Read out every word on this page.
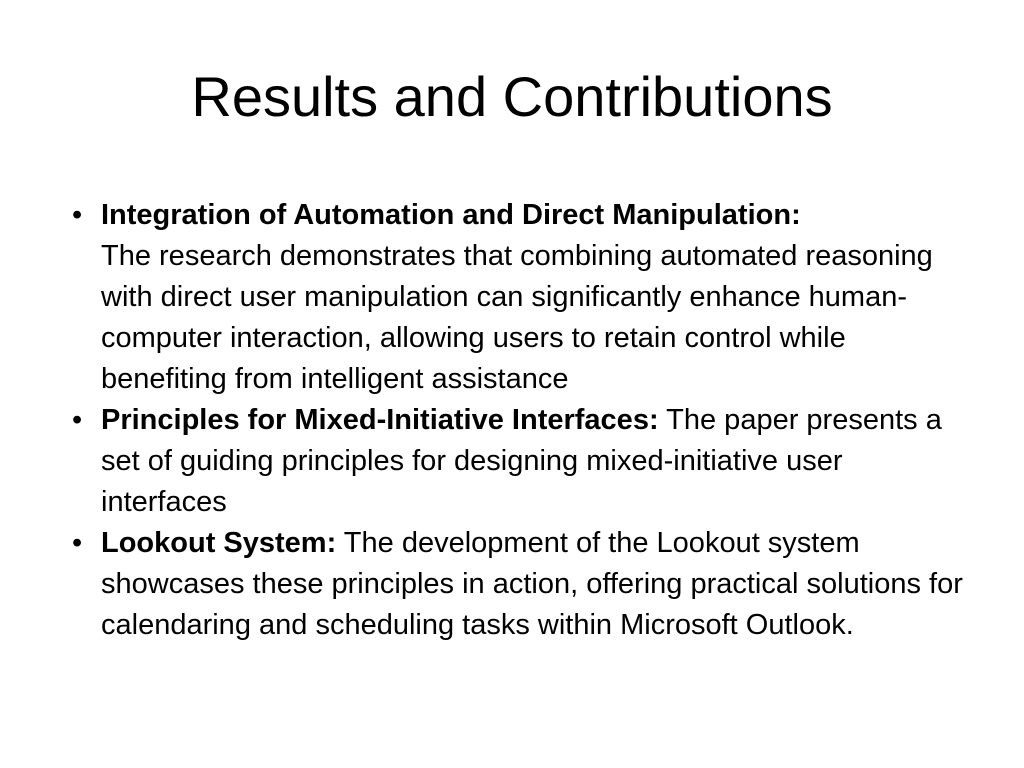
Results and Contributions
• Integration of Automation and Direct Manipulation:
The research demonstrates that combining automated reasoning with direct user manipulation can significantly enhance human-computer interaction, allowing users to retain control while benefiting from intelligent assistance
• Principles for Mixed-Initiative Interfaces: The paper presents a set of guiding principles for designing mixed-initiative user interfaces
• Lookout System: The development of the Lookout system showcases these principles in action, offering practical solutions for calendaring and scheduling tasks within Microsoft Outlook.
